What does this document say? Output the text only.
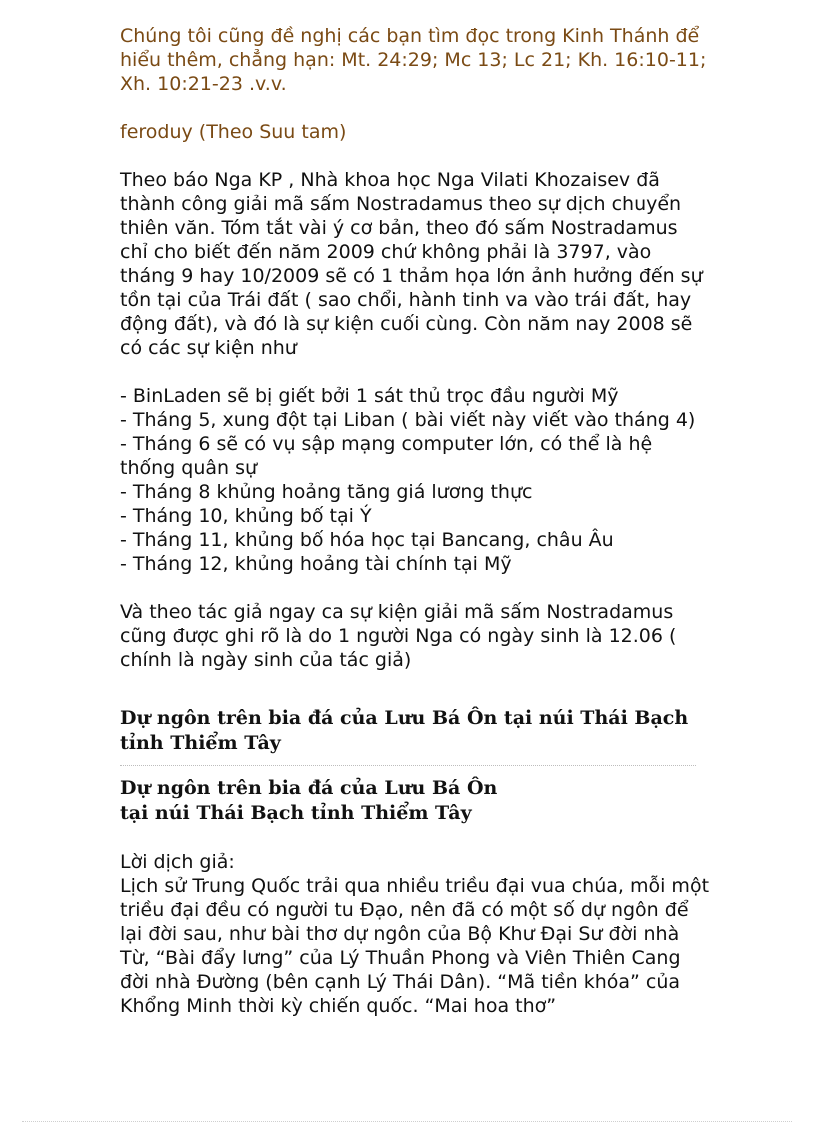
Chúng tôi cũng đề nghị các bạn tìm đọc trong Kinh Thánh để hiểu thêm, chẳng hạn: Mt. 24:29; Mc 13; Lc 21; Kh. 16:10-11; Xh. 10:21-23 .v.v.

feroduy (Theo Suu tam)

Theo báo Nga KP , Nhà khoa học Nga Vilati Khozaisev đã thành công giải mã sấm Nostradamus theo sự dịch chuyển thiên văn. Tóm tắt vài ý cơ bản, theo đó sấm Nostradamus chỉ cho biết đến năm 2009 chứ không phải là 3797, vào tháng 9 hay 10/2009 sẽ có 1 thảm họa lớn ảnh hưởng đến sự tồn tại của Trái đất ( sao chổi, hành tinh va vào trái đất, hay động đất), và đó là sự kiện cuối cùng. Còn năm nay 2008 sẽ có các sự kiện như

- BinLaden sẽ bị giết bởi 1 sát thủ trọc đầu người Mỹ
- Tháng 5, xung đột tại Liban ( bài viết này viết vào tháng 4)
- Tháng 6 sẽ có vụ sập mạng computer lớn, có thể là hệ thống quân sự
- Tháng 8 khủng hoảng tăng giá lương thực
- Tháng 10, khủng bố tại Ý
- Tháng 11, khủng bố hóa học tại Bancang, châu Âu
- Tháng 12, khủng hoảng tài chính tại Mỹ

Và theo tác giả ngay ca sự kiện giải mã sấm Nostradamus cũng được ghi rõ là do 1 người Nga có ngày sinh là 12.06 ( chính là ngày sinh của tác giả)

Dự ngôn trên bia đá của Lưu Bá Ôn tại núi Thái Bạch tỉnh Thiểm Tây
Dự ngôn trên bia đá của Lưu Bá Ôn
tại núi Thái Bạch tỉnh Thiểm Tây

Lời dịch giả:

Lịch sử Trung Quốc trải qua nhiều triều đại vua chúa, mỗi một triều đại đều có người tu Đạo, nên đã có một số dự ngôn để lại đời sau, như bài thơ dự ngôn của Bộ Khư Đại Sư đời nhà Từ, “Bài đẩy lưng” của Lý Thuần Phong và Viên Thiên Cang đời nhà Đường (bên cạnh Lý Thái Dân). “Mã tiền khóa” của Khổng Minh thời kỳ chiến quốc. “Mai hoa thơ”
